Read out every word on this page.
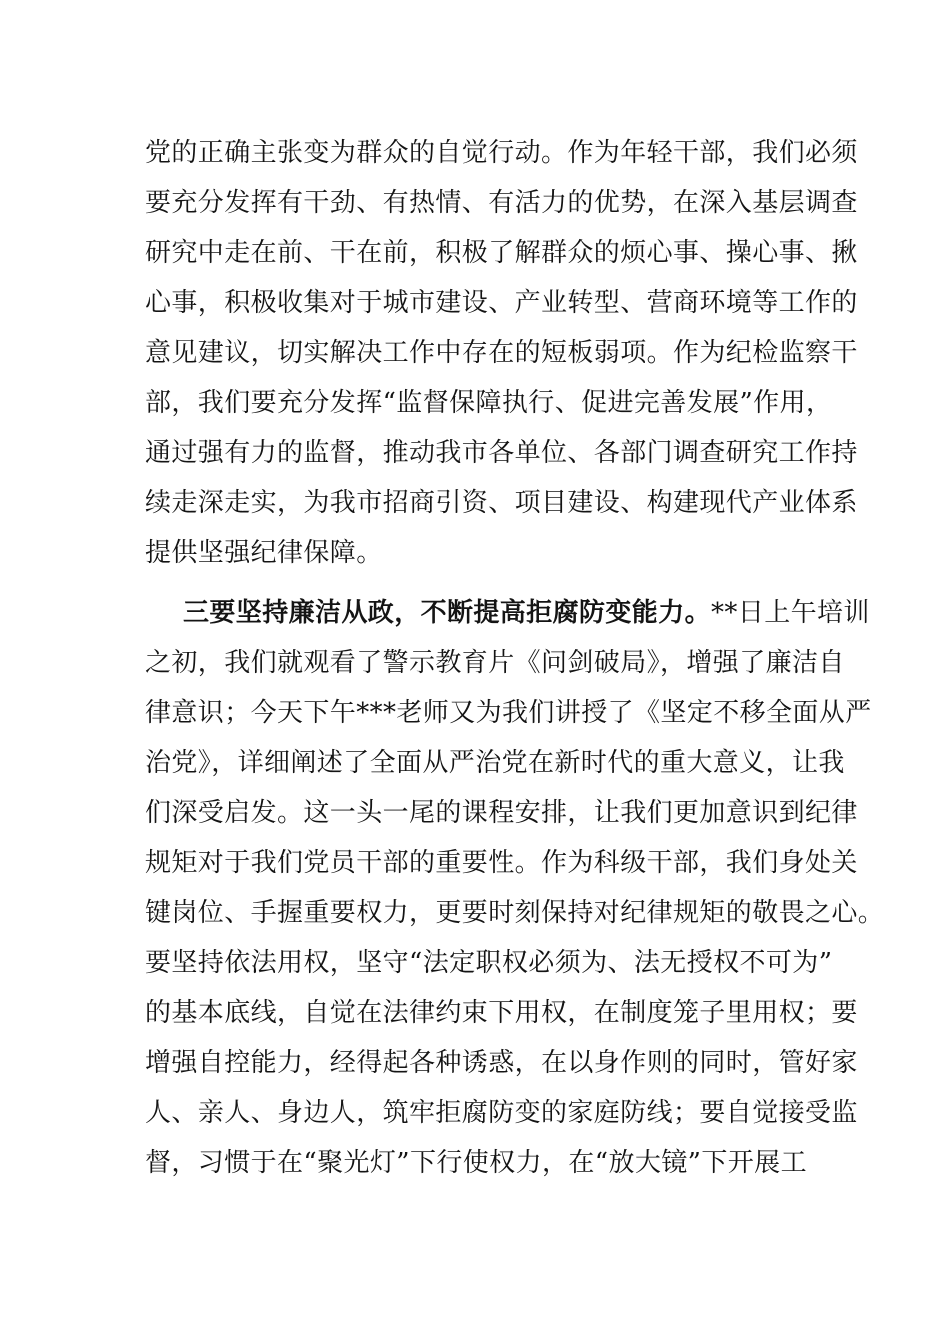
党的正确主张变为群众的自觉行动。作为年轻干部，我们必须
要充分发挥有干劲、有热情、有活力的优势，在深入基层调查
研究中走在前、干在前，积极了解群众的烦心事、操心事、揪
心事，积极收集对于城市建设、产业转型、营商环境等工作的
意见建议，切实解决工作中存在的短板弱项。作为纪检监察干
部，我们要充分发挥“监督保障执行、促进完善发展”作用，
通过强有力的监督，推动我市各单位、各部门调查研究工作持
续走深走实，为我市招商引资、项目建设、构建现代产业体系
提供坚强纪律保障。
三要坚持廉洁从政，不断提高拒腐防变能力。**日上午培训
之初，我们就观看了警示教育片《问剑破局》，增强了廉洁自
律意识；今天下午***老师又为我们讲授了《坚定不移全面从严
治党》，详细阐述了全面从严治党在新时代的重大意义，让我
们深受启发。这一头一尾的课程安排，让我们更加意识到纪律
规矩对于我们党员干部的重要性。作为科级干部，我们身处关
键岗位、手握重要权力，更要时刻保持对纪律规矩的敬畏之心。
要坚持依法用权，坚守“法定职权必须为、法无授权不可为”
的基本底线，自觉在法律约束下用权，在制度笼子里用权；要
增强自控能力，经得起各种诱惑，在以身作则的同时，管好家
人、亲人、身边人，筑牢拒腐防变的家庭防线；要自觉接受监
督，习惯于在“聚光灯”下行使权力，在“放大镜”下开展工
